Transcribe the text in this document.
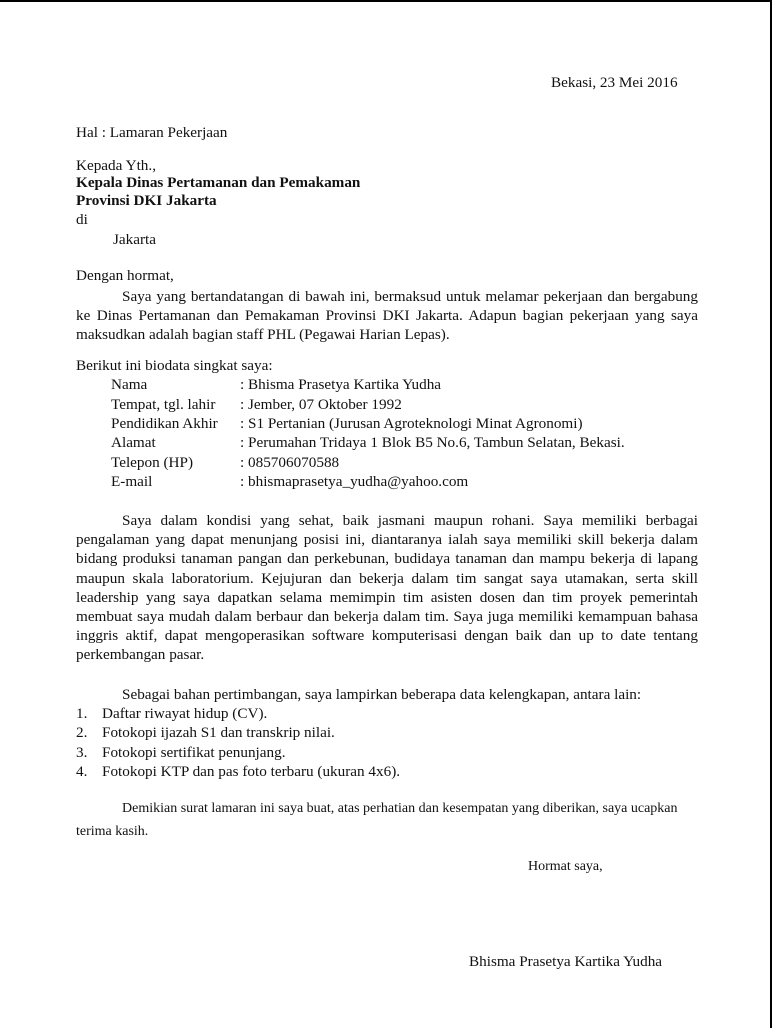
Bekasi, 23 Mei 2016
Hal : Lamaran Pekerjaan
Kepada Yth.,
Kepala Dinas Pertamanan dan Pemakaman
Provinsi DKI Jakarta
di
Jakarta
Dengan hormat,
Saya yang bertandatangan di bawah ini, bermaksud untuk melamar pekerjaan dan bergabung ke Dinas Pertamanan dan Pemakaman Provinsi DKI Jakarta. Adapun bagian pekerjaan yang saya maksudkan adalah bagian staff PHL (Pegawai Harian Lepas).
Berikut ini biodata singkat saya:
Nama	: Bhisma Prasetya Kartika Yudha
Tempat, tgl. lahir : Jember, 07 Oktober 1992
Pendidikan Akhir : S1 Pertanian (Jurusan Agroteknologi Minat Agronomi)
Alamat	: Perumahan Tridaya 1 Blok B5 No.6, Tambun Selatan, Bekasi.
Telepon (HP)	: 085706070588
E-mail	: bhismaprasetya_yudha@yahoo.com
Saya dalam kondisi yang sehat, baik jasmani maupun rohani. Saya memiliki berbagai pengalaman yang dapat menunjang posisi ini, diantaranya ialah saya memiliki skill bekerja dalam bidang produksi tanaman pangan dan perkebunan, budidaya tanaman dan mampu bekerja di lapang maupun skala laboratorium. Kejujuran dan bekerja dalam tim sangat saya utamakan, serta skill leadership yang saya dapatkan selama memimpin tim asisten dosen dan tim proyek pemerintah membuat saya mudah dalam berbaur dan bekerja dalam tim. Saya juga memiliki kemampuan bahasa inggris aktif, dapat mengoperasikan software komputerisasi dengan baik dan up to date tentang perkembangan pasar.
Sebagai bahan pertimbangan, saya lampirkan beberapa data kelengkapan, antara lain:
1. Daftar riwayat hidup (CV).
2. Fotokopi ijazah S1 dan transkrip nilai.
3. Fotokopi sertifikat penunjang.
4. Fotokopi KTP dan pas foto terbaru (ukuran 4x6).
Demikian surat lamaran ini saya buat, atas perhatian dan kesempatan yang diberikan, saya ucapkan terima kasih.
Hormat saya,
Bhisma Prasetya Kartika Yudha
